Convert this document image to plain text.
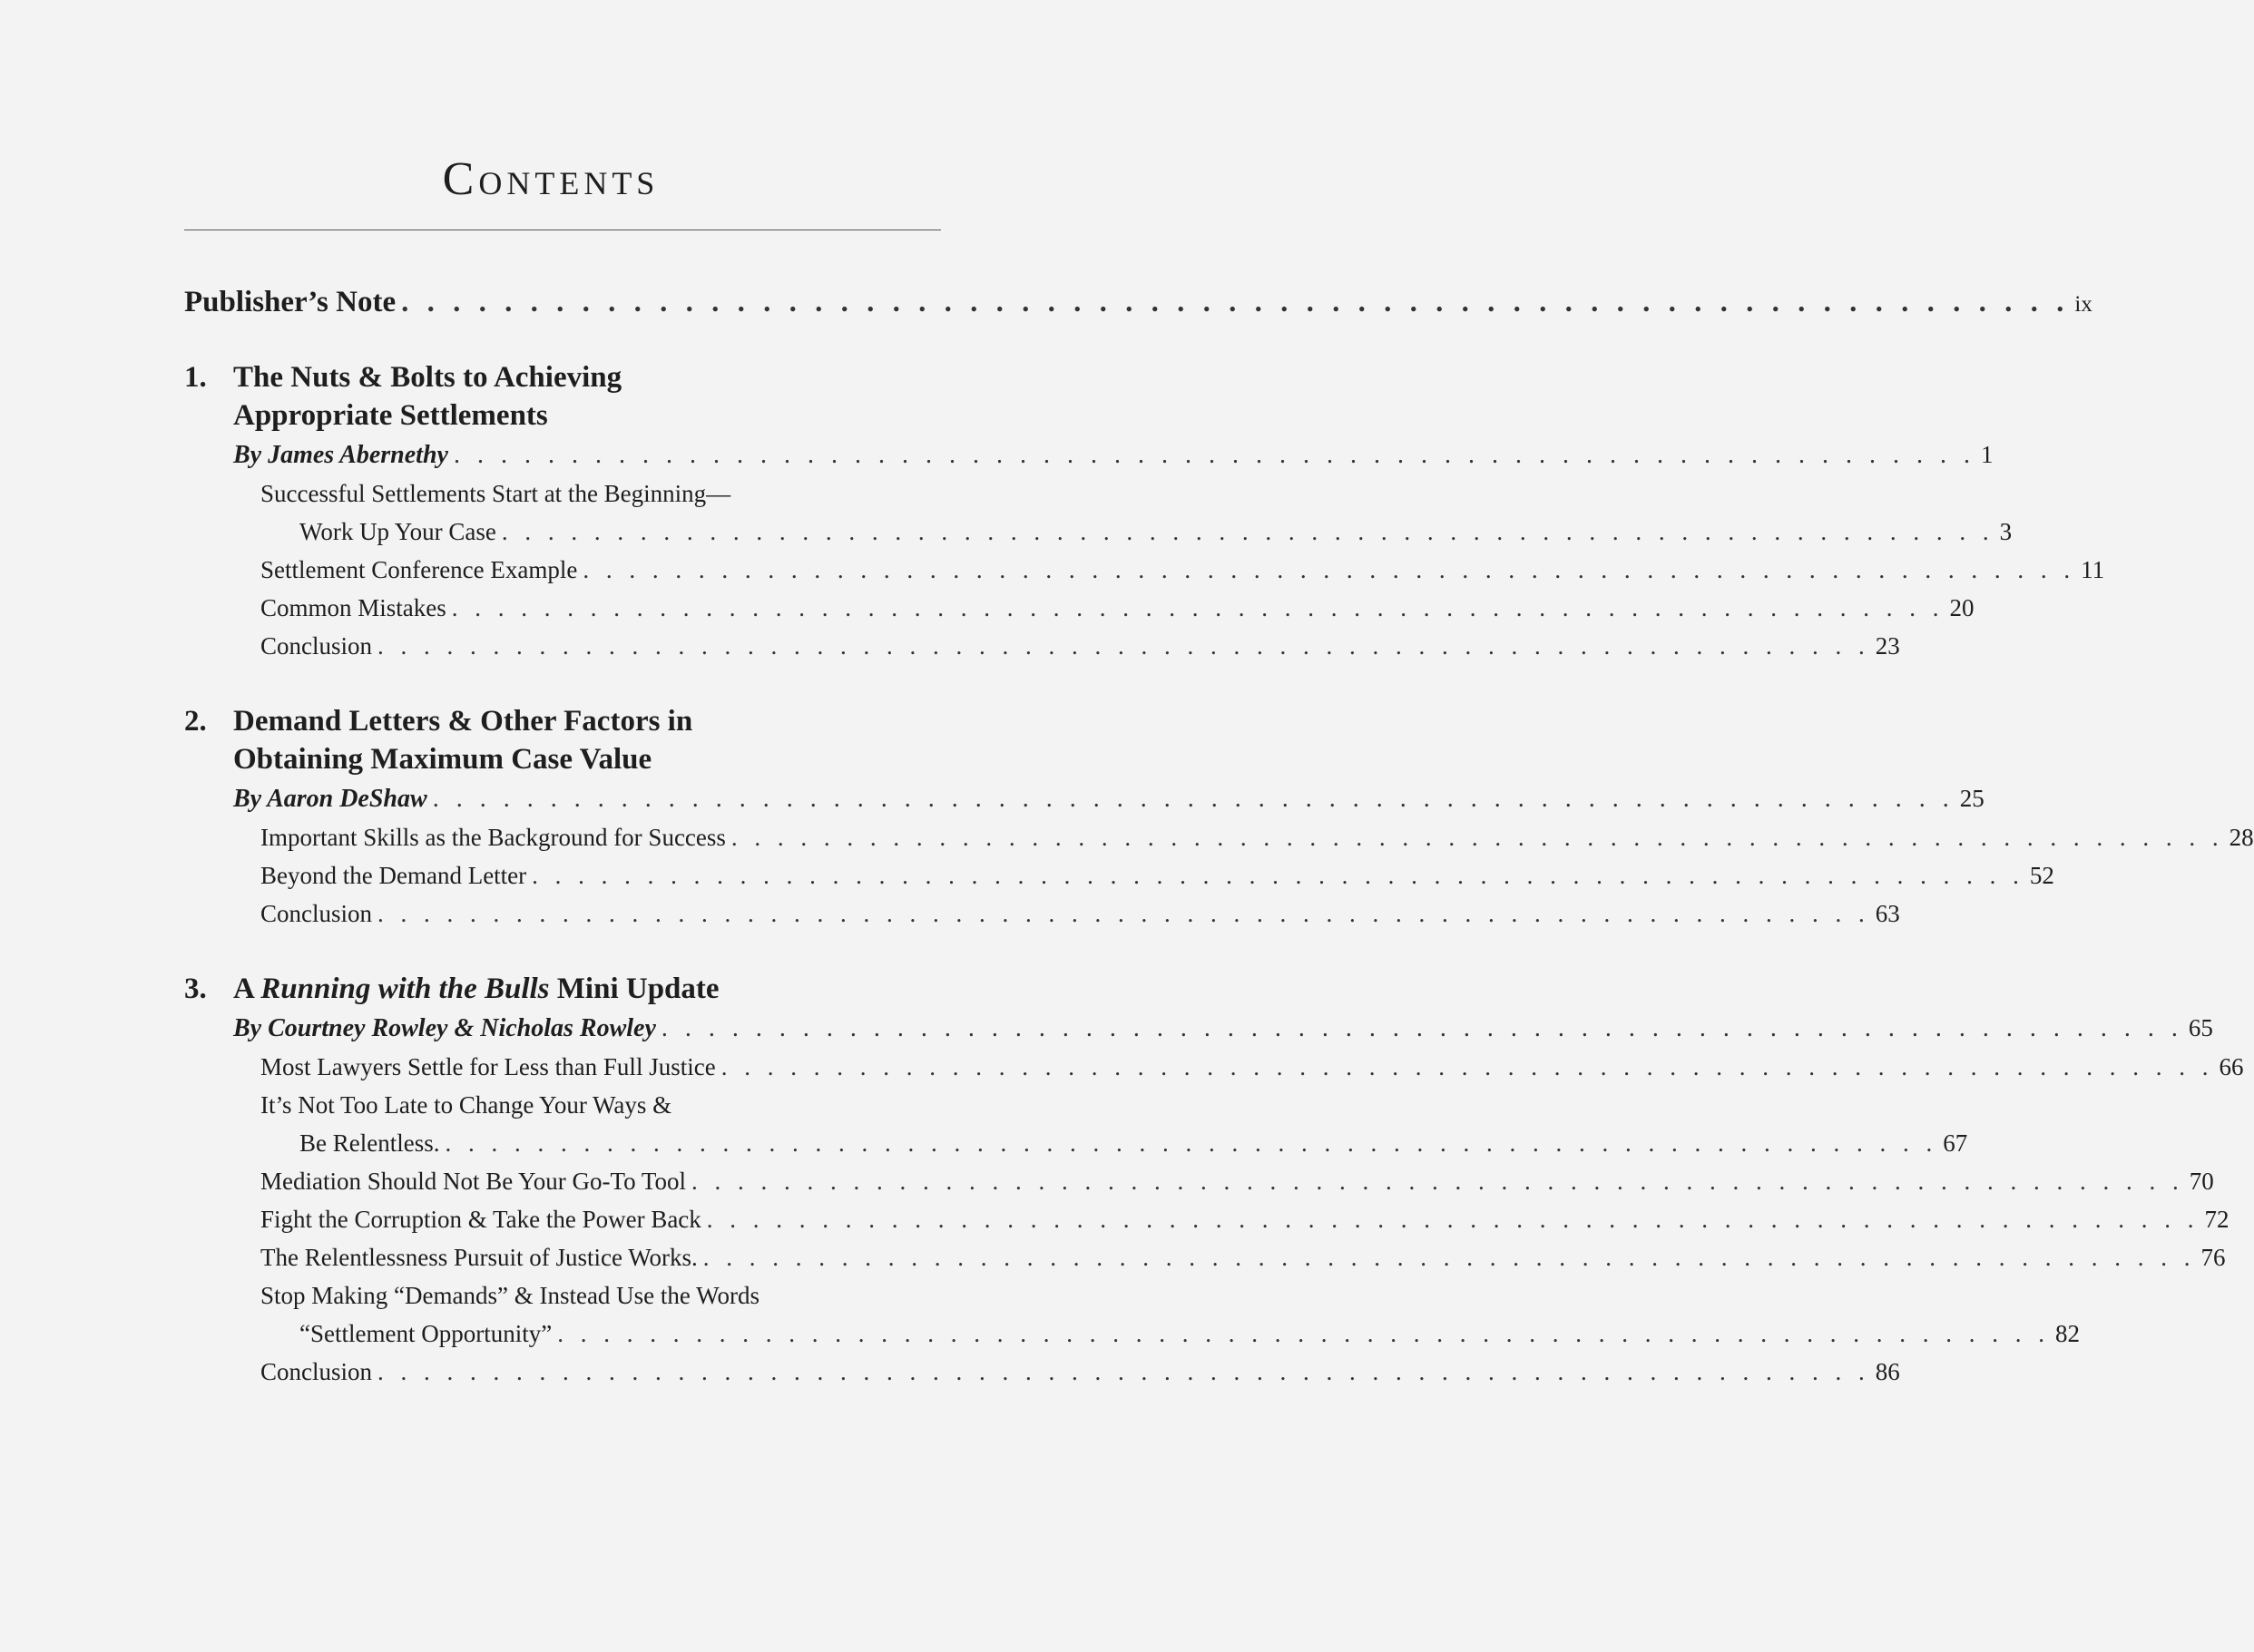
Contents
Publisher’s Note . . . . . . . . . . . . . . . . . . . . . . . . . . . . . . . . . . . . . . . . . . . . . . . . . . . . . . . . . . . . . . . . . ix
1. The Nuts & Bolts to Achieving
Appropriate Settlements
By James Abernethy . . . . . . . . . . . . . . . . . . . . . . . . . . . . . . . . . . . . . . . . . . . . . . . . . . . . . . . . . . . . . . . . . 1
Successful Settlements Start at the Beginning—
Work Up Your Case . . . . . . . . . . . . . . . . . . . . . . . . . . . . . . . . . . . . . . . . . . . . . . . . . . . . . . . . . . . . . . . . . 3
Settlement Conference Example . . . . . . . . . . . . . . . . . . . . . . . . . . . . . . . . . . . . . . . . . . . . . . . . . . . . . . . . . . . . . . . . . 11
Common Mistakes . . . . . . . . . . . . . . . . . . . . . . . . . . . . . . . . . . . . . . . . . . . . . . . . . . . . . . . . . . . . . . . . . 20
Conclusion . . . . . . . . . . . . . . . . . . . . . . . . . . . . . . . . . . . . . . . . . . . . . . . . . . . . . . . . . . . . . . . . . 23
2. Demand Letters & Other Factors in
Obtaining Maximum Case Value
By Aaron DeShaw . . . . . . . . . . . . . . . . . . . . . . . . . . . . . . . . . . . . . . . . . . . . . . . . . . . . . . . . . . . . . . . . . 25
Important Skills as the Background for Success . . . . . . . . . . . . . . . . . . . . . . . . . . . . . . . . . . . . . . . . . . . . . . . . . . . . . . . . . . . . . . . . . 28
Beyond the Demand Letter . . . . . . . . . . . . . . . . . . . . . . . . . . . . . . . . . . . . . . . . . . . . . . . . . . . . . . . . . . . . . . . . . 52
Conclusion . . . . . . . . . . . . . . . . . . . . . . . . . . . . . . . . . . . . . . . . . . . . . . . . . . . . . . . . . . . . . . . . . 63
3. A Running with the Bulls Mini Update
By Courtney Rowley & Nicholas Rowley . . . . . . . . . . . . . . . . . . . . . . . . . . . . . . . . . . . . . . . . . . . . . . . . . . . . . . . . . . . . . . . . . 65
Most Lawyers Settle for Less than Full Justice . . . . . . . . . . . . . . . . . . . . . . . . . . . . . . . . . . . . . . . . . . . . . . . . . . . . . . . . . . . . . . . . . 66
It’s Not Too Late to Change Your Ways &
Be Relentless. . . . . . . . . . . . . . . . . . . . . . . . . . . . . . . . . . . . . . . . . . . . . . . . . . . . . . . . . . . . . . . . . . 67
Mediation Should Not Be Your Go-To Tool . . . . . . . . . . . . . . . . . . . . . . . . . . . . . . . . . . . . . . . . . . . . . . . . . . . . . . . . . . . . . . . . . 70
Fight the Corruption & Take the Power Back . . . . . . . . . . . . . . . . . . . . . . . . . . . . . . . . . . . . . . . . . . . . . . . . . . . . . . . . . . . . . . . . . 72
The Relentlessness Pursuit of Justice Works. . . . . . . . . . . . . . . . . . . . . . . . . . . . . . . . . . . . . . . . . . . . . . . . . . . . . . . . . . . . . . . . . . 76
Stop Making “Demands” & Instead Use the Words
“Settlement Opportunity” . . . . . . . . . . . . . . . . . . . . . . . . . . . . . . . . . . . . . . . . . . . . . . . . . . . . . . . . . . . . . . . . . 82
Conclusion . . . . . . . . . . . . . . . . . . . . . . . . . . . . . . . . . . . . . . . . . . . . . . . . . . . . . . . . . . . . . . . . . 86
